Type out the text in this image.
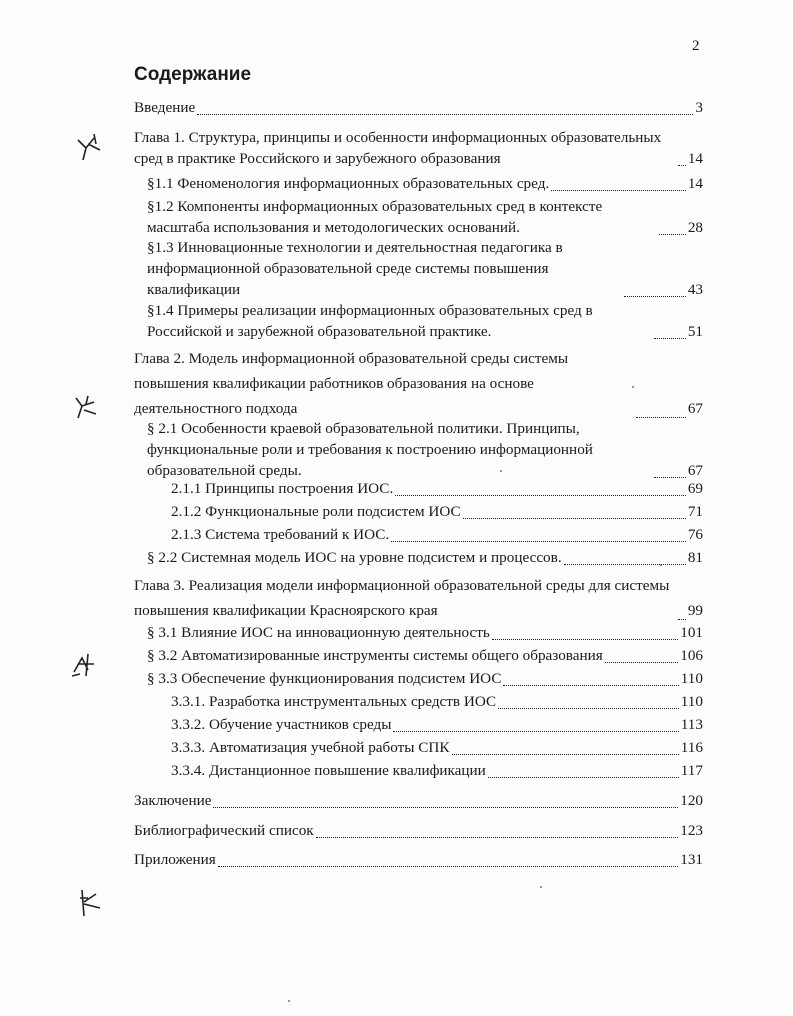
2
Содержание
Введение	3
Глава 1. Структура, принципы и особенности информационных образовательных сред в практике Российского и зарубежного образования	14
§1.1 Феноменология информационных образовательных сред.	14
§1.2 Компоненты информационных образовательных сред в контексте масштаба использования и методологических оснований.	28
§1.3 Инновационные технологии и деятельностная педагогика в информационной образовательной среде системы повышения квалификации	43
§1.4 Примеры реализации информационных образовательных сред в Российской и зарубежной образовательной практике.	51
Глава 2. Модель информационной образовательной среды системы повышения квалификации работников образования на основе деятельностного подхода	67
§ 2.1 Особенности краевой образовательной политики. Принципы, функциональные роли и требования к построению информационной образовательной среды.	67
2.1.1 Принципы построения ИОС.	69
2.1.2 Функциональные роли подсистем ИОС	71
2.1.3 Система требований к ИОС.	76
§ 2.2 Системная модель ИОС на уровне подсистем и процессов.	81
Глава 3. Реализация модели информационной образовательной среды для системы повышения квалификации Красноярского края	99
§ 3.1 Влияние ИОС на инновационную деятельность	101
§ 3.2 Автоматизированные инструменты системы общего образования	106
§ 3.3 Обеспечение функционирования подсистем ИОС	110
3.3.1. Разработка инструментальных средств ИОС	110
3.3.2. Обучение участников среды	113
3.3.3. Автоматизация учебной работы СПК	116
3.3.4. Дистанционное повышение квалификации	117
Заключение	120
Библиографический список	123
Приложения	131
